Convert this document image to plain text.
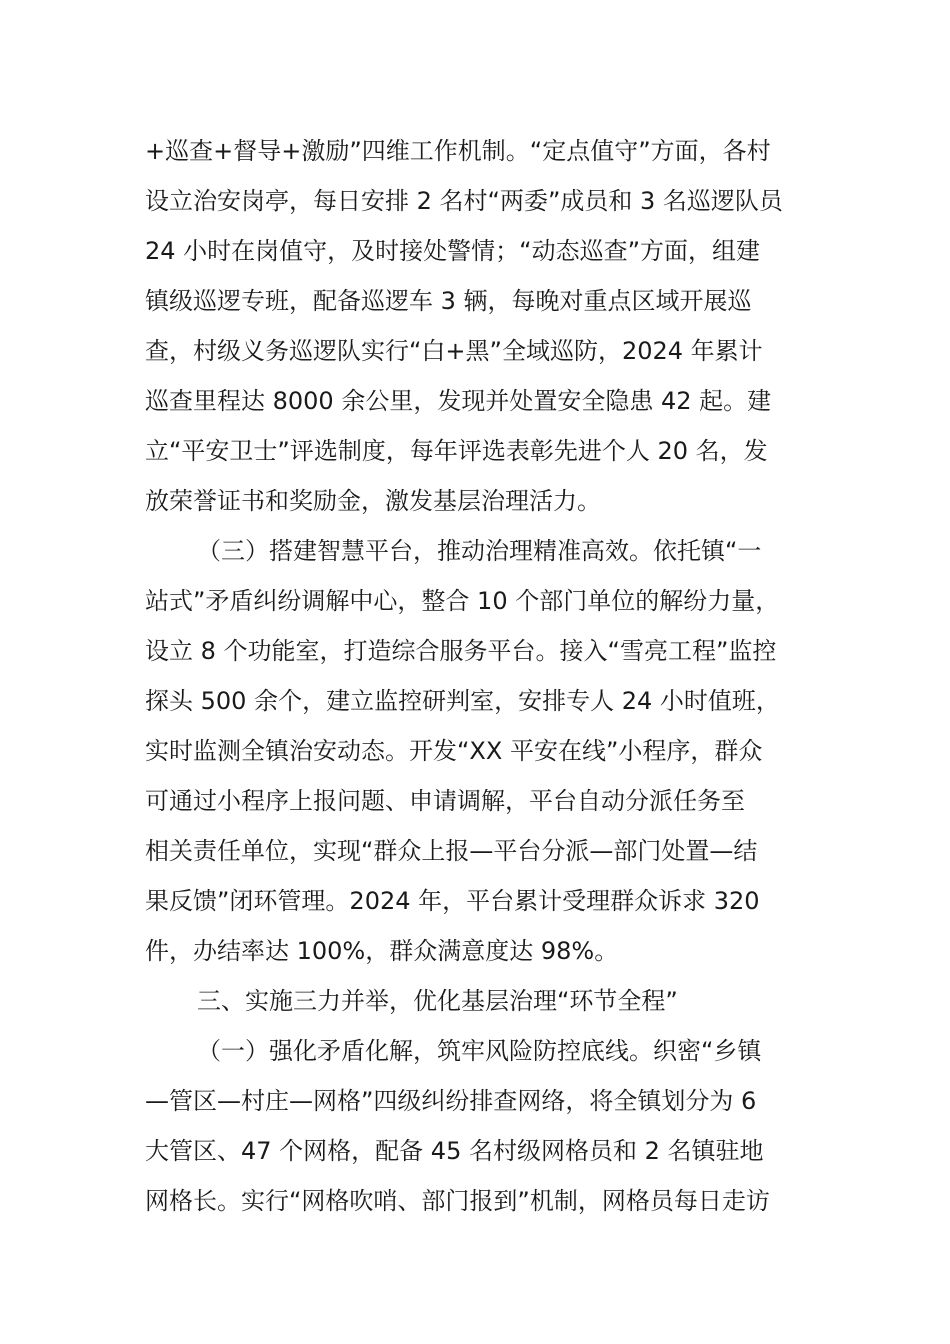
+巡查+督导+激励”四维工作机制。“定点值守”方面，各村
设立治安岗亭，每日安排 2 名村“两委”成员和 3 名巡逻队员
24 小时在岗值守，及时接处警情；“动态巡查”方面，组建
镇级巡逻专班，配备巡逻车 3 辆，每晚对重点区域开展巡
查，村级义务巡逻队实行“白+黑”全域巡防，2024 年累计
巡查里程达 8000 余公里，发现并处置安全隐患 42 起。建
立“平安卫士”评选制度，每年评选表彰先进个人 20 名，发
放荣誉证书和奖励金，激发基层治理活力。
（三）搭建智慧平台，推动治理精准高效。依托镇“一
站式”矛盾纠纷调解中心，整合 10 个部门单位的解纷力量，
设立 8 个功能室，打造综合服务平台。接入“雪亮工程”监控
探头 500 余个，建立监控研判室，安排专人 24 小时值班，
实时监测全镇治安动态。开发“XX 平安在线”小程序，群众
可通过小程序上报问题、申请调解，平台自动分派任务至
相关责任单位，实现“群众上报—平台分派—部门处置—结
果反馈”闭环管理。2024 年，平台累计受理群众诉求 320
件，办结率达 100%，群众满意度达 98%。
三、实施三力并举，优化基层治理“环节全程”
（一）强化矛盾化解，筑牢风险防控底线。织密“乡镇
—管区—村庄—网格”四级纠纷排查网络，将全镇划分为 6
大管区、47 个网格，配备 45 名村级网格员和 2 名镇驻地
网格长。实行“网格吹哨、部门报到”机制，网格员每日走访
